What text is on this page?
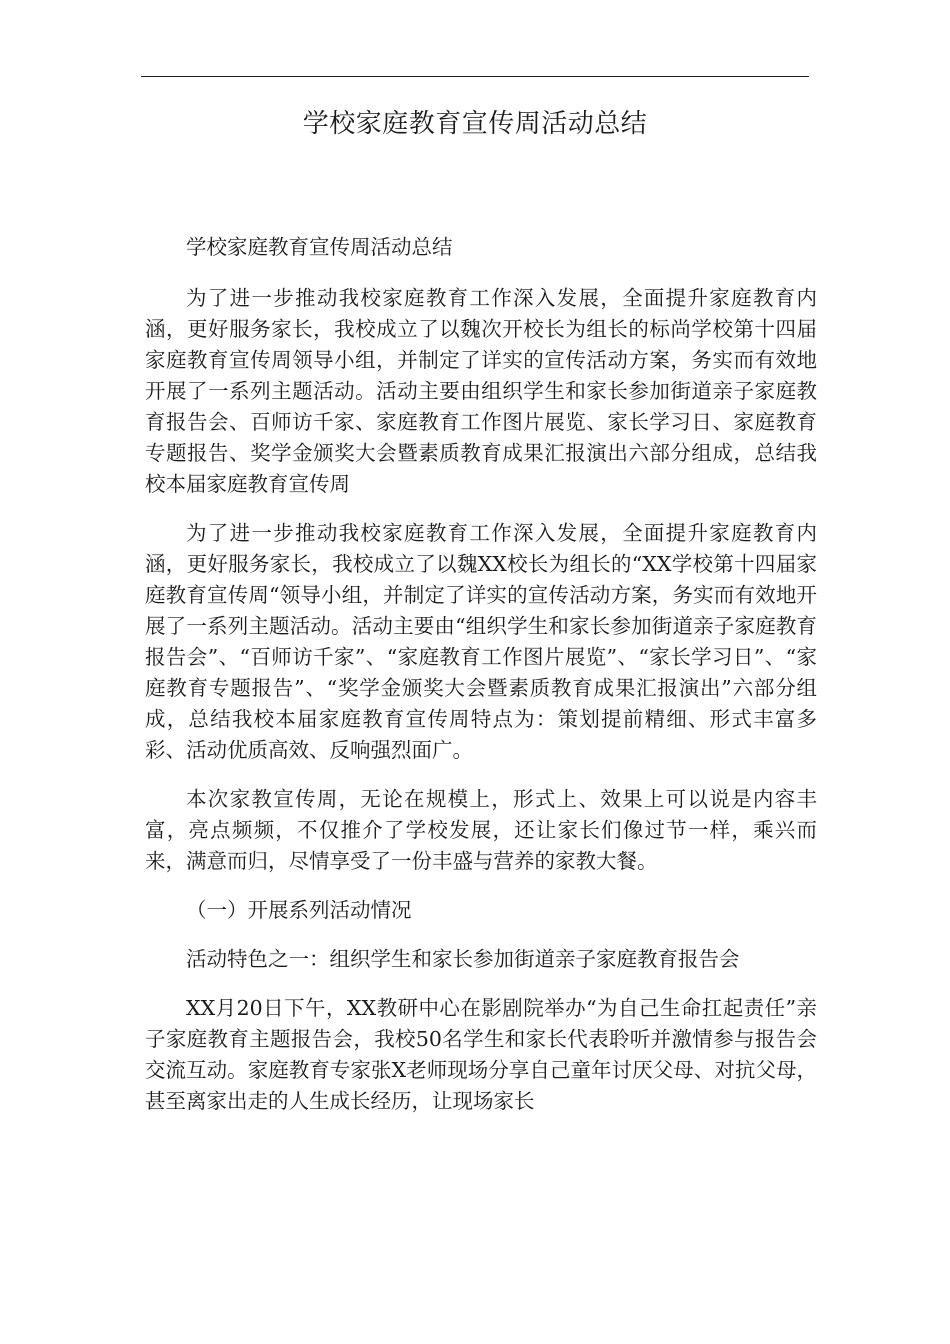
学校家庭教育宣传周活动总结

学校家庭教育宣传周活动总结

为了进一步推动我校家庭教育工作深入发展，全面提升家庭教育内涵，更好服务家长，我校成立了以魏次开校长为组长的标尚学校第十四届家庭教育宣传周领导小组，并制定了详实的宣传活动方案，务实而有效地开展了一系列主题活动。活动主要由组织学生和家长参加街道亲子家庭教育报告会、百师访千家、家庭教育工作图片展览、家长学习日、家庭教育专题报告、奖学金颁奖大会暨素质教育成果汇报演出六部分组成，总结我校本届家庭教育宣传周

为了进一步推动我校家庭教育工作深入发展，全面提升家庭教育内涵，更好服务家长，我校成立了以魏XX校长为组长的“XX学校第十四届家庭教育宣传周“领导小组，并制定了详实的宣传活动方案，务实而有效地开展了一系列主题活动。活动主要由“组织学生和家长参加街道亲子家庭教育报告会”、“百师访千家”、“家庭教育工作图片展览”、“家长学习日”、“家庭教育专题报告”、“奖学金颁奖大会暨素质教育成果汇报演出”六部分组成，总结我校本届家庭教育宣传周特点为：策划提前精细、形式丰富多彩、活动优质高效、反响强烈面广。

本次家教宣传周，无论在规模上，形式上、效果上可以说是内容丰富，亮点频频，不仅推介了学校发展，还让家长们像过节一样，乘兴而来，满意而归，尽情享受了一份丰盛与营养的家教大餐。

（一）开展系列活动情况

活动特色之一：组织学生和家长参加街道亲子家庭教育报告会

XX月20日下午，XX教研中心在影剧院举办“为自己生命扛起责任”亲子家庭教育主题报告会，我校50名学生和家长代表聆听并激情参与报告会交流互动。家庭教育专家张X老师现场分享自己童年讨厌父母、对抗父母，甚至离家出走的人生成长经历，让现场家长
